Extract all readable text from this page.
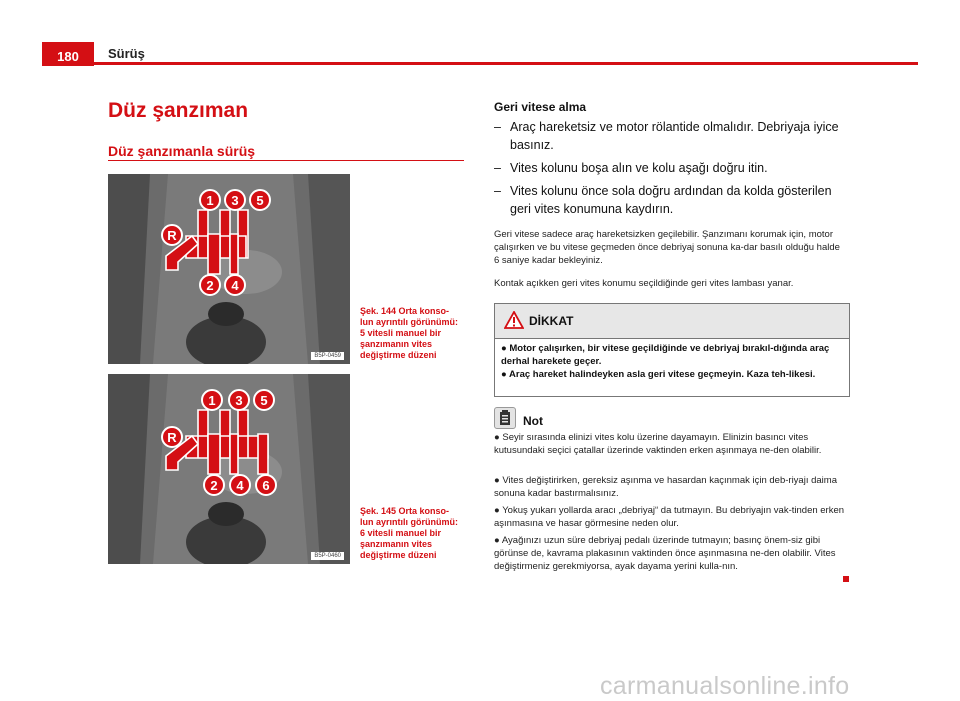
180	Sürüş
Düz şanzıman
Düz şanzımanla sürüş
1 3 5
R
2 4
B5P-0459
Şek. 144 Orta konso-
lun ayrıntılı görünümü:
5 vitesli manuel bir
şanzımanın vites
değiştirme düzeni
1 3 5
R
2 4 6
B5P-0460
Şek. 145 Orta konso-
lun ayrıntılı görünümü:
6 vitesli manuel bir
şanzımanın vites
değiştirme düzeni
Geri vitese alma
– Araç hareketsiz ve motor rölantide olmalıdır. Debriyaja iyice basınız.
– Vites kolunu boşa alın ve kolu aşağı doğru itin.
– Vites kolunu önce sola doğru ardından da kolda gösterilen geri vites konumuna kaydırın.
Geri vitese sadece araç hareketsizken geçilebilir. Şanzımanı korumak için, motor çalışırken ve bu vitese geçmeden önce debriyaj sonuna ka-dar basılı olduğu halde 6 saniye kadar bekleyiniz.
Kontak açıkken geri vites konumu seçildiğinde geri vites lambası yanar.
DİKKAT
● Motor çalışırken, bir vitese geçildiğinde ve debriyaj bırakıl-dığında araç derhal harekete geçer.
● Araç hareket halindeyken asla geri vitese geçmeyin. Kaza teh-likesi.
Not
● Seyir sırasında elinizi vites kolu üzerine dayamayın. Elinizin basıncı vites kutusundaki seçici çatallar üzerinde vaktinden erken aşınmaya ne-den olabilir.
● Vites değiştirirken, gereksiz aşınma ve hasardan kaçınmak için deb-riyajı daima sonuna kadar bastırmalısınız.
● Yokuş yukarı yollarda aracı „debriyaj“ da tutmayın. Bu debriyajın vak-tinden erken aşınmasına ve hasar görmesine neden olur.
● Ayağınızı uzun süre debriyaj pedalı üzerinde tutmayın; basınç önem-siz gibi görünse de, kavrama plakasının vaktinden önce aşınmasına ne-den olabilir. Vites değiştirmeniz gerekmiyorsa, ayak dayama yerini kulla-nın.
carmanualsonline.info
